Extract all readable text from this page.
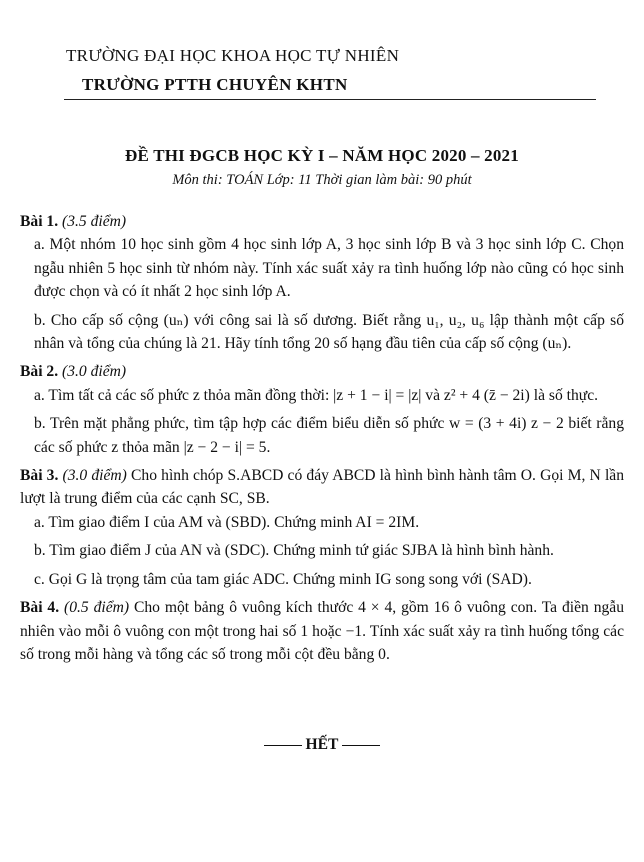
TRƯỜNG ĐẠI HỌC KHOA HỌC TỰ NHIÊN
TRƯỜNG PTTH CHUYÊN KHTN
ĐỀ THI ĐGCB HỌC KỲ I – NĂM HỌC 2020 – 2021
Môn thi: TOÁN Lớp: 11 Thời gian làm bài: 90 phút
Bài 1. (3.5 điểm)
a. Một nhóm 10 học sinh gồm 4 học sinh lớp A, 3 học sinh lớp B và 3 học sinh lớp C. Chọn ngẫu nhiên 5 học sinh từ nhóm này. Tính xác suất xảy ra tình huống lớp nào cũng có học sinh được chọn và có ít nhất 2 học sinh lớp A.
b. Cho cấp số cộng (uₙ) với công sai là số dương. Biết rằng u₁, u₂, u₆ lập thành một cấp số nhân và tổng của chúng là 21. Hãy tính tổng 20 số hạng đầu tiên của cấp số cộng (uₙ).
Bài 2. (3.0 điểm)
a. Tìm tất cả các số phức z thỏa mãn đồng thời: |z + 1 − i| = |z| và z² + 4 (z̄ − 2i) là số thực.
b. Trên mặt phẳng phức, tìm tập hợp các điểm biểu diễn số phức w = (3 + 4i) z − 2 biết rằng các số phức z thỏa mãn |z − 2 − i| = 5.
Bài 3. (3.0 điểm) Cho hình chóp S.ABCD có đáy ABCD là hình bình hành tâm O. Gọi M, N lần lượt là trung điểm của các cạnh SC, SB.
a. Tìm giao điểm I của AM và (SBD). Chứng minh AI = 2IM.
b. Tìm giao điểm J của AN và (SDC). Chứng minh tứ giác SJBA là hình bình hành.
c. Gọi G là trọng tâm của tam giác ADC. Chứng minh IG song song với (SAD).
Bài 4. (0.5 điểm) Cho một bảng ô vuông kích thước 4 × 4, gồm 16 ô vuông con. Ta điền ngẫu nhiên vào mỗi ô vuông con một trong hai số 1 hoặc −1. Tính xác suất xảy ra tình huống tổng các số trong mỗi hàng và tổng các số trong mỗi cột đều bằng 0.
HẾT
